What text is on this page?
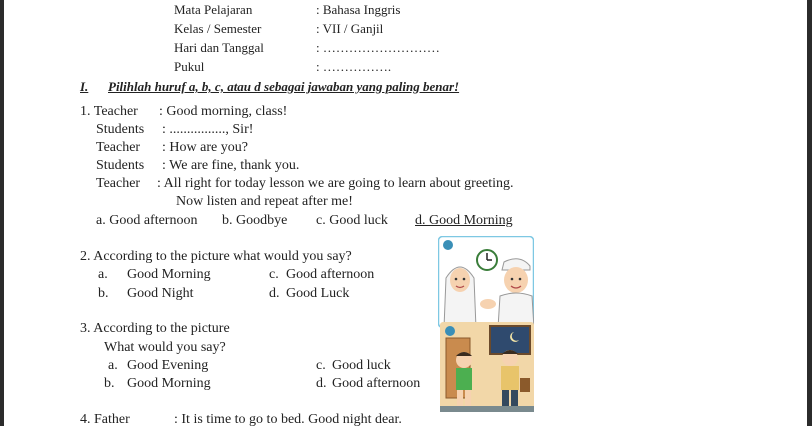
Mata Pelajaran	: Bahasa Inggris
Kelas / Semester	: VII / Ganjil
Hari dan Tanggal	: ………………………
Pukul	: …………….
I. Pilihlah huruf a, b, c, atau d sebagai jawaban yang paling benar!
1. Teacher : Good morning, class!
Students : ................, Sir!
Teacher : How are you?
Students : We are fine, thank you.
Teacher : All right for today lesson we are going to learn about greeting.
Now listen and repeat after me!
a. Good afternoon b. Goodbye c. Good luck d. Good Morning
2. According to the picture what would you say?
a. Good Morning	c. Good afternoon
b. Good Night	d. Good Luck
3. According to the picture
What would you say?
a. Good Evening	c. Good luck
b. Good Morning	d. Good afternoon
4. Father	: It is time to go to bed. Good night dear.
